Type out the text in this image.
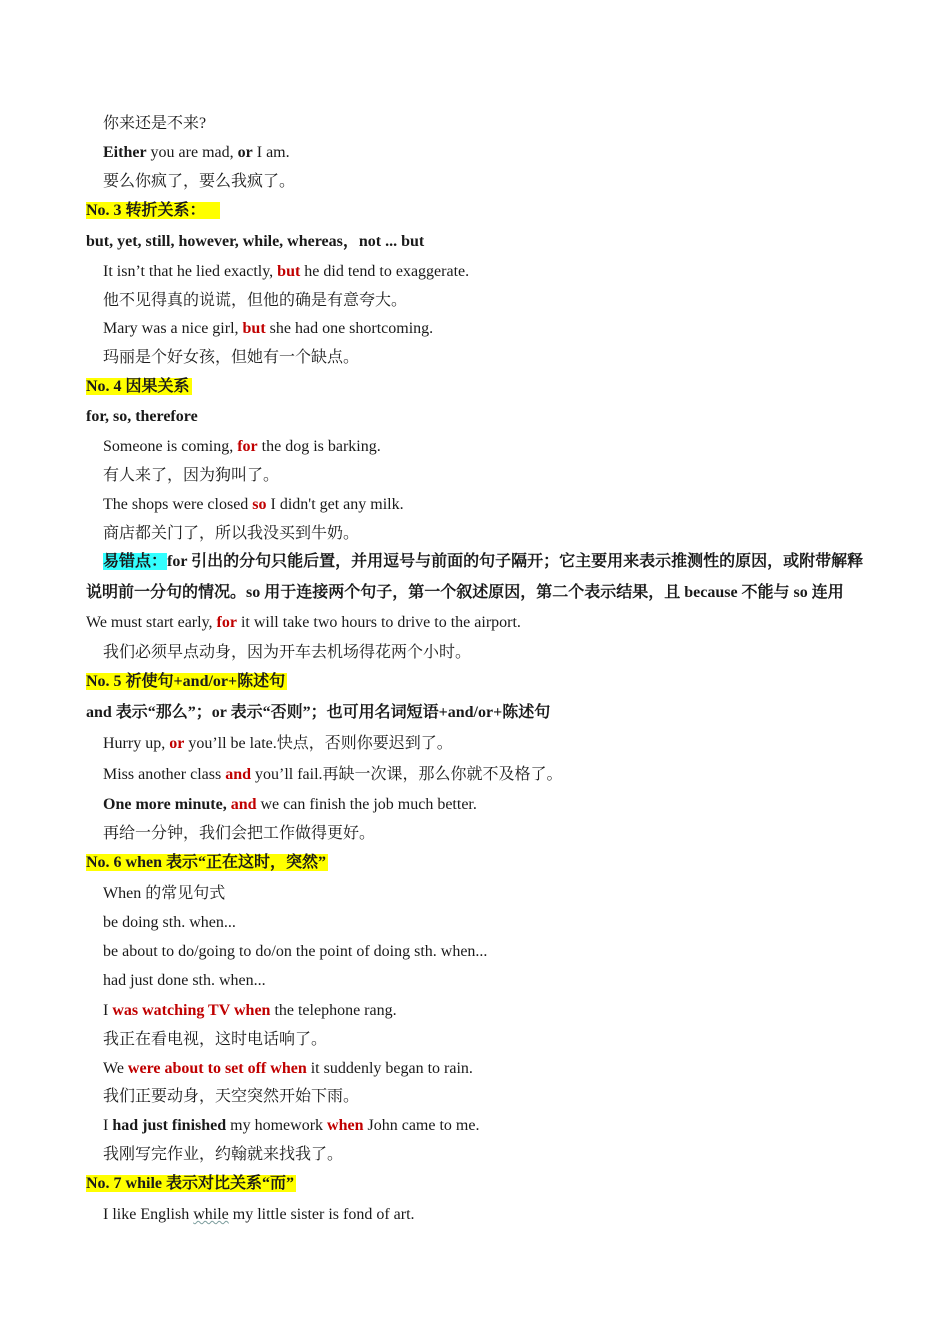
你来还是不来?
Either you are mad, or I am.
要么你疯了，要么我疯了。
No. 3 转折关系：
but, yet, still, however, while, whereas，not ... but
It isn’t that he lied exactly, but he did tend to exaggerate.
他不见得真的说谎，但他的确是有意夸大。
Mary was a nice girl, but she had one shortcoming.
玛丽是个好女孩，但她有一个缺点。
No. 4 因果关系
for, so, therefore
Someone is coming, for the dog is barking.
有人来了，因为狗叫了。
The shops were closed so I didn't get any milk.
商店都关门了，所以我没买到牛奶。
易错点：for 引出的分句只能后置，并用逗号与前面的句子隔开；它主要用来表示推测性的原因，或附带解释说明前一分句的情况。so 用于连接两个句子，第一个叙述原因，第二个表示结果，且 because 不能与 so 连用 We must start early, for it will take two hours to drive to the airport.
我们必须早点动身，因为开车去机场得花两个小时。
No. 5 祈使句+and/or+陈述句
and 表示“那么”；or 表示“否则”；也可用名词短语+and/or+陈述句
Hurry up, or you’ll be late.快点，否则你要迟到了。
Miss another class and you’ll fail.再缺一次课，那么你就不及格了。
One more minute, and we can finish the job much better.
再给一分钟，我们会把工作做得更好。
No. 6 when 表示“正在这时，突然”
When 的常见句式
be doing sth. when...
be about to do/going to do/on the point of doing sth. when...
had just done sth. when...
I was watching TV when the telephone rang.
我正在看电视，这时电话响了。
We were about to set off when it suddenly began to rain.
我们正要动身，天空突然开始下雨。
I had just finished my homework when John came to me.
我刚写完作业，约翰就来找我了。
No. 7 while 表示对比关系“而”
I like English while my little sister is fond of art.
